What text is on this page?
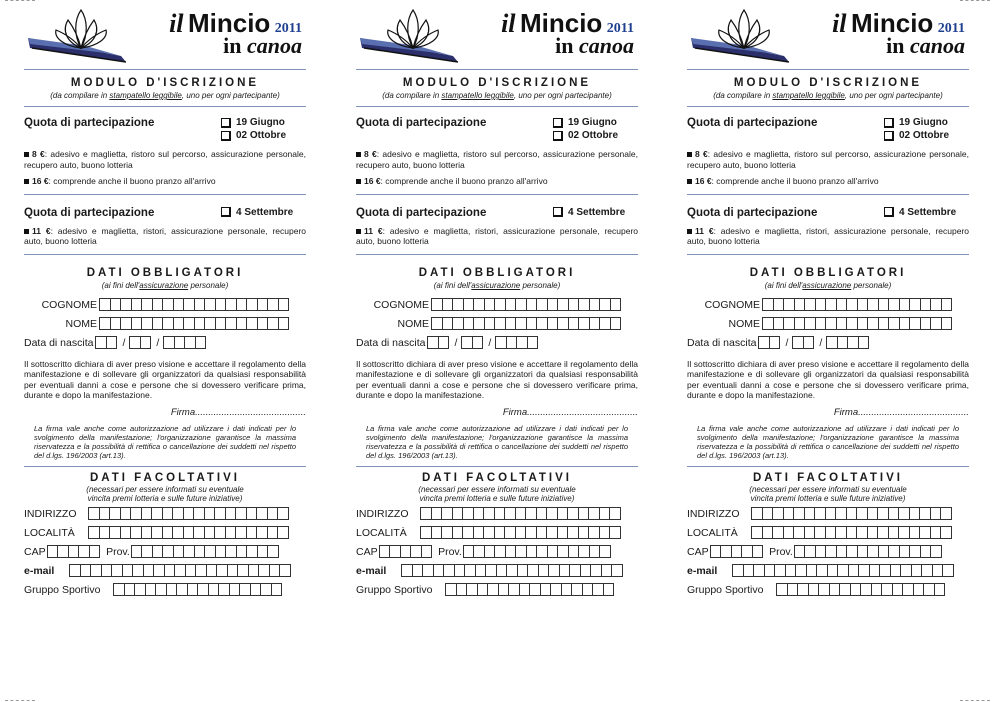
il Mincio 2011
in canoa
MODULO D'ISCRIZIONE
(da compilare in stampatello leggibile, uno per ogni partecipante)
Quota di partecipazione	19 Giugno
02 Ottobre
8 €: adesivo e maglietta, ristoro sul percorso, assicurazione personale, recupero auto, buono lotteria
16 €: comprende anche il buono pranzo all'arrivo
Quota di partecipazione	4 Settembre
11 €: adesivo e maglietta, ristori, assicurazione personale, recupero auto, buono lotteria
DATI OBBLIGATORI
(ai fini dell'assicurazione personale)
COGNOME
NOME
Data di nascita	/	/
Il sottoscritto dichiara di aver preso visione e accettare il regolamento della manifestazione e di sollevare gli organizzatori da qualsiasi responsabilità per eventuali danni a cose e persone che si dovessero verificare prima, durante e dopo la manifestazione.
Firma..........................................
La firma vale anche come autorizzazione ad utilizzare i dati indicati per lo svolgimento della manifestazione; l'organizzazione garantisce la massima riservatezza e la possibilità di rettifica o cancellazione dei suddetti nel rispetto del d.lgs. 196/2003 (art.13).
DATI FACOLTATIVI
(necessari per essere informati su eventuale vincita premi lotteria e sulle future iniziative)
INDIRIZZO
LOCALITÀ
CAP	Prov.
e-mail
Gruppo Sportivo
il Mincio 2011
in canoa
MODULO D'ISCRIZIONE
(da compilare in stampatello leggibile, uno per ogni partecipante)
Quota di partecipazione	19 Giugno
02 Ottobre
8 €: adesivo e maglietta, ristoro sul percorso, assicurazione personale, recupero auto, buono lotteria
16 €: comprende anche il buono pranzo all'arrivo
Quota di partecipazione	4 Settembre
11 €: adesivo e maglietta, ristori, assicurazione personale, recupero auto, buono lotteria
DATI OBBLIGATORI
(ai fini dell'assicurazione personale)
COGNOME
NOME
Data di nascita	/	/
Il sottoscritto dichiara di aver preso visione e accettare il regolamento della manifestazione e di sollevare gli organizzatori da qualsiasi responsabilità per eventuali danni a cose e persone che si dovessero verificare prima, durante e dopo la manifestazione.
Firma..........................................
La firma vale anche come autorizzazione ad utilizzare i dati indicati per lo svolgimento della manifestazione; l'organizzazione garantisce la massima riservatezza e la possibilità di rettifica o cancellazione dei suddetti nel rispetto del d.lgs. 196/2003 (art.13).
DATI FACOLTATIVI
(necessari per essere informati su eventuale vincita premi lotteria e sulle future iniziative)
INDIRIZZO
LOCALITÀ
CAP	Prov.
e-mail
Gruppo Sportivo
il Mincio 2011
in canoa
MODULO D'ISCRIZIONE
(da compilare in stampatello leggibile, uno per ogni partecipante)
Quota di partecipazione	19 Giugno
02 Ottobre
8 €: adesivo e maglietta, ristoro sul percorso, assicurazione personale, recupero auto, buono lotteria
16 €: comprende anche il buono pranzo all'arrivo
Quota di partecipazione	4 Settembre
11 €: adesivo e maglietta, ristori, assicurazione personale, recupero auto, buono lotteria
DATI OBBLIGATORI
(ai fini dell'assicurazione personale)
COGNOME
NOME
Data di nascita	/	/
Il sottoscritto dichiara di aver preso visione e accettare il regolamento della manifestazione e di sollevare gli organizzatori da qualsiasi responsabilità per eventuali danni a cose e persone che si dovessero verificare prima, durante e dopo la manifestazione.
Firma..........................................
La firma vale anche come autorizzazione ad utilizzare i dati indicati per lo svolgimento della manifestazione; l'organizzazione garantisce la massima riservatezza e la possibilità di rettifica o cancellazione dei suddetti nel rispetto del d.lgs. 196/2003 (art.13).
DATI FACOLTATIVI
(necessari per essere informati su eventuale vincita premi lotteria e sulle future iniziative)
INDIRIZZO
LOCALITÀ
CAP	Prov.
e-mail
Gruppo Sportivo
